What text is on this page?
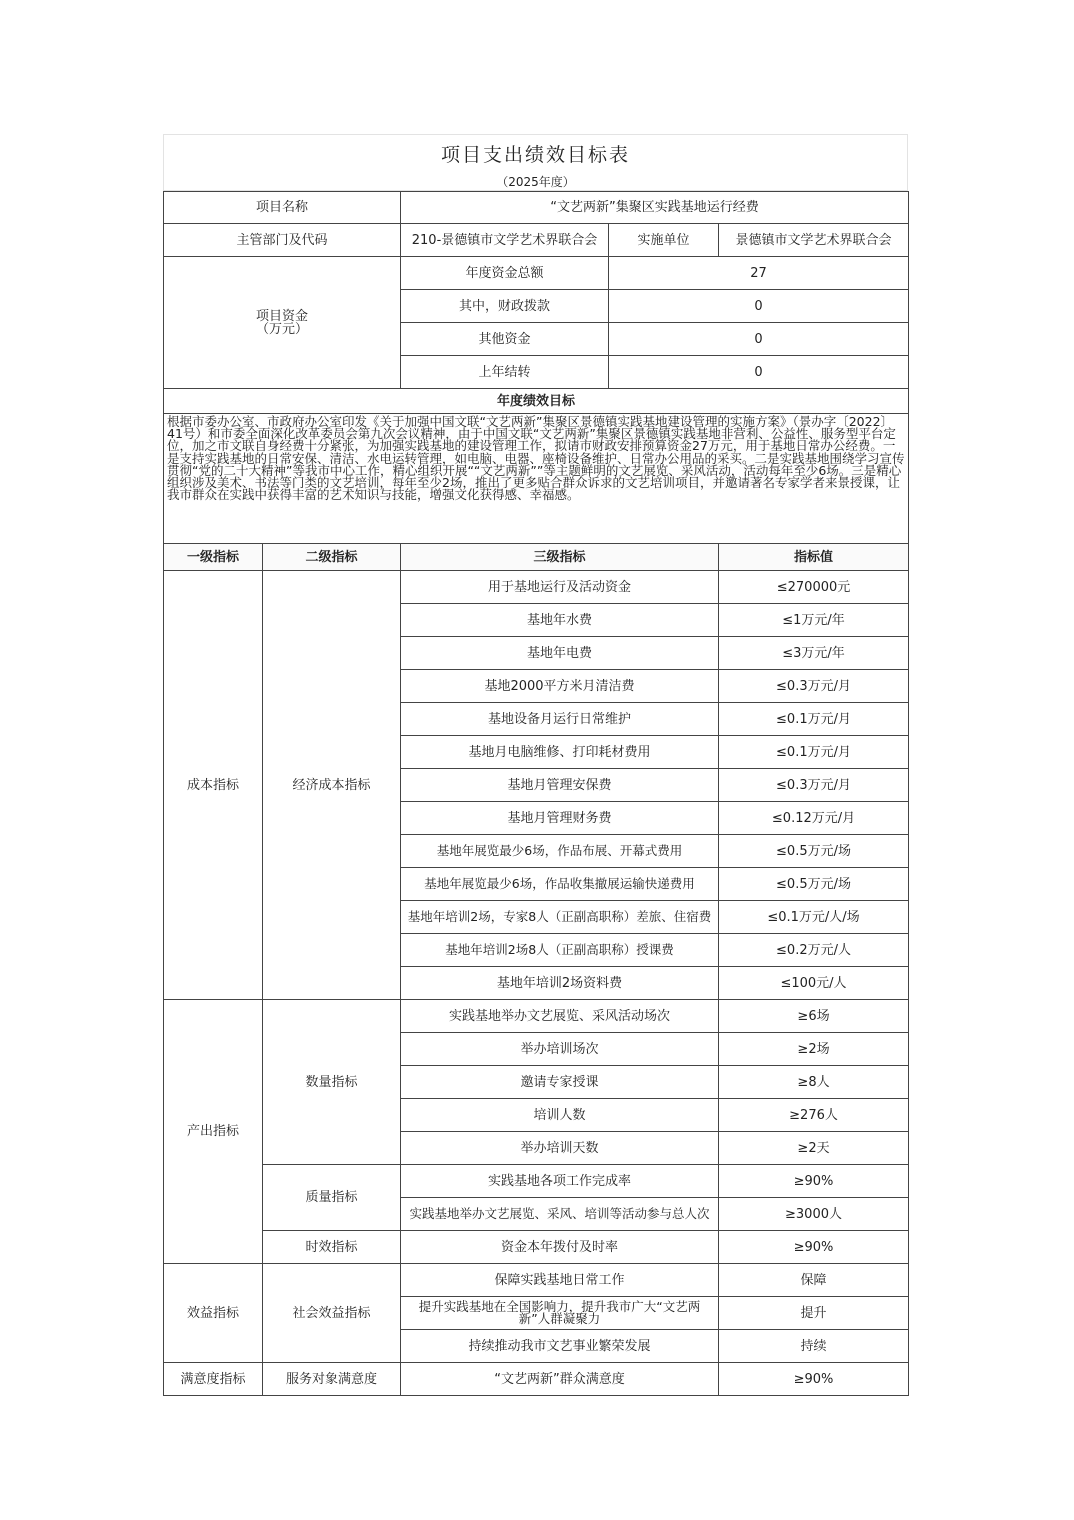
项目支出绩效目标表
（2025年度）
项目名称		“文艺两新”集聚区实践基地运行经费		
主管部门及代码		210-景德镇市文学艺术界联合会	实施单位	景德镇市文学艺术界联合会
项目资金
（万元）		年度资金总额	27	
		其中，财政拨款	0	
		其他资金	0	
		上年结转	0	
年度绩效目标				
根据市委办公室、市政府办公室印发《关于加强中国文联“文艺两新”集聚区景德镇实践基地建设管理的实施方案》（景办字〔2022〕41号）和市委全面深化改革委员会第九次会议精神，由于中国文联“文艺两新”集聚区景德镇实践基地非营利、公益性、服务型平台定位，加之市文联自身经费十分紧张，为加强实践基地的建设管理工作，拟请市财政安排预算资金27万元，用于基地日常办公经费。一是支持实践基地的日常安保、清洁、水电运转管理，如电脑、电器、座椅设备维护、日常办公用品的采买。二是实践基地围绕学习宣传贯彻“党的二十大精神”等我市中心工作，精心组织开展““文艺两新””等主题鲜明的文艺展览、采风活动，活动每年至少6场。三是精心组织涉及美术、书法等门类的文艺培训，每年至少2场，推出了更多贴合群众诉求的文艺培训项目，并邀请著名专家学者来景授课，让我市群众在实践中获得丰富的艺术知识与技能，增强文化获得感、幸福感。				
一级指标	二级指标	三级指标		指标值
成本指标	经济成本指标	用于基地运行及活动资金		≤270000元
		基地年水费		≤1万元/年
		基地年电费		≤3万元/年
		基地2000平方米月清洁费		≤0.3万元/月
		基地设备月运行日常维护		≤0.1万元/月
		基地月电脑维修、打印耗材费用		≤0.1万元/月
		基地月管理安保费		≤0.3万元/月
		基地月管理财务费		≤0.12万元/月
		基地年展览最少6场，作品布展、开幕式费用		≤0.5万元/场
		基地年展览最少6场，作品收集撤展运输快递费用		≤0.5万元/场
		基地年培训2场，专家8人（正副高职称）差旅、住宿费		≤0.1万元/人/场
		基地年培训2场8人（正副高职称）授课费		≤0.2万元/人
		基地年培训2场资料费		≤100元/人
产出指标	数量指标	实践基地举办文艺展览、采风活动场次		≥6场
		举办培训场次		≥2场
		邀请专家授课		≥8人
		培训人数		≥276人
		举办培训天数		≥2天
	质量指标	实践基地各项工作完成率		≥90%
		实践基地举办文艺展览、采风、培训等活动参与总人次		≥3000人
	时效指标	资金本年拨付及时率		≥90%
效益指标	社会效益指标	保障实践基地日常工作		保障
		提升实践基地在全国影响力，提升我市广大“文艺两新”人群凝聚力		提升
		持续推动我市文艺事业繁荣发展		持续
满意度指标	服务对象满意度	“文艺两新”群众满意度		≥90%
